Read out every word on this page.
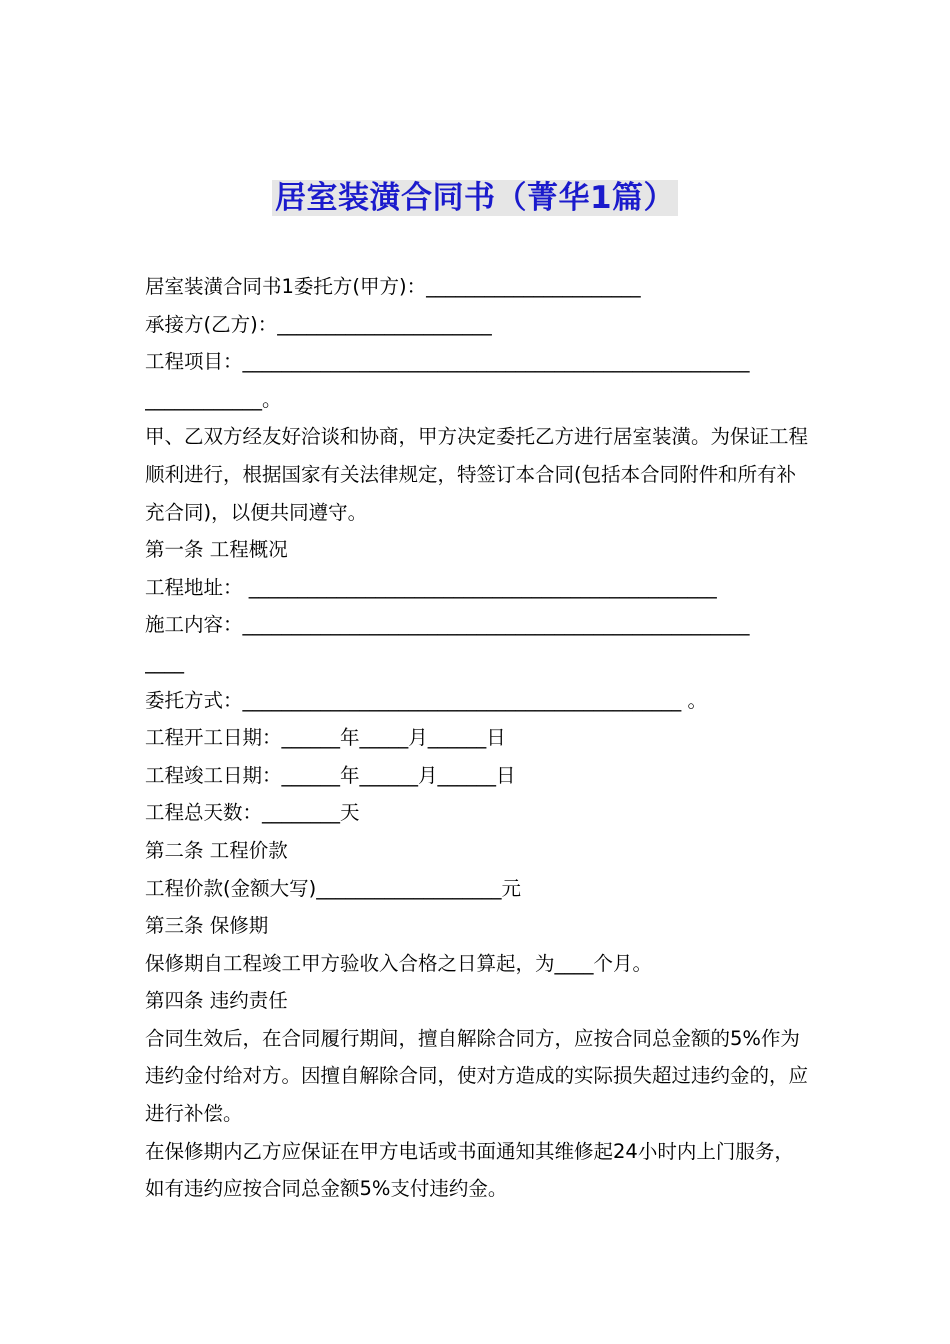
居室装潢合同书（菁华1篇）
居室装潢合同书1委托方(甲方)：______________________
承接方(乙方)：______________________
工程项目：____________________________________________________
____________。
甲、乙双方经友好洽谈和协商，甲方决定委托乙方进行居室装潢。为保证工程顺利进行，根据国家有关法律规定，特签订本合同(包括本合同附件和所有补充合同)，以便共同遵守。
第一条 工程概况
工程地址： ________________________________________________
施工内容：____________________________________________________
____
委托方式：_____________________________________________ 。
工程开工日期：______年_____月______日
工程竣工日期：______年______月______日
工程总天数：________天
第二条 工程价款
工程价款(金额大写)___________________元
第三条 保修期
保修期自工程竣工甲方验收入合格之日算起，为____个月。
第四条 违约责任
合同生效后，在合同履行期间，擅自解除合同方，应按合同总金额的5%作为违约金付给对方。因擅自解除合同，使对方造成的实际损失超过违约金的，应进行补偿。
在保修期内乙方应保证在甲方电话或书面通知其维修起24小时内上门服务，如有违约应按合同总金额5%支付违约金。
